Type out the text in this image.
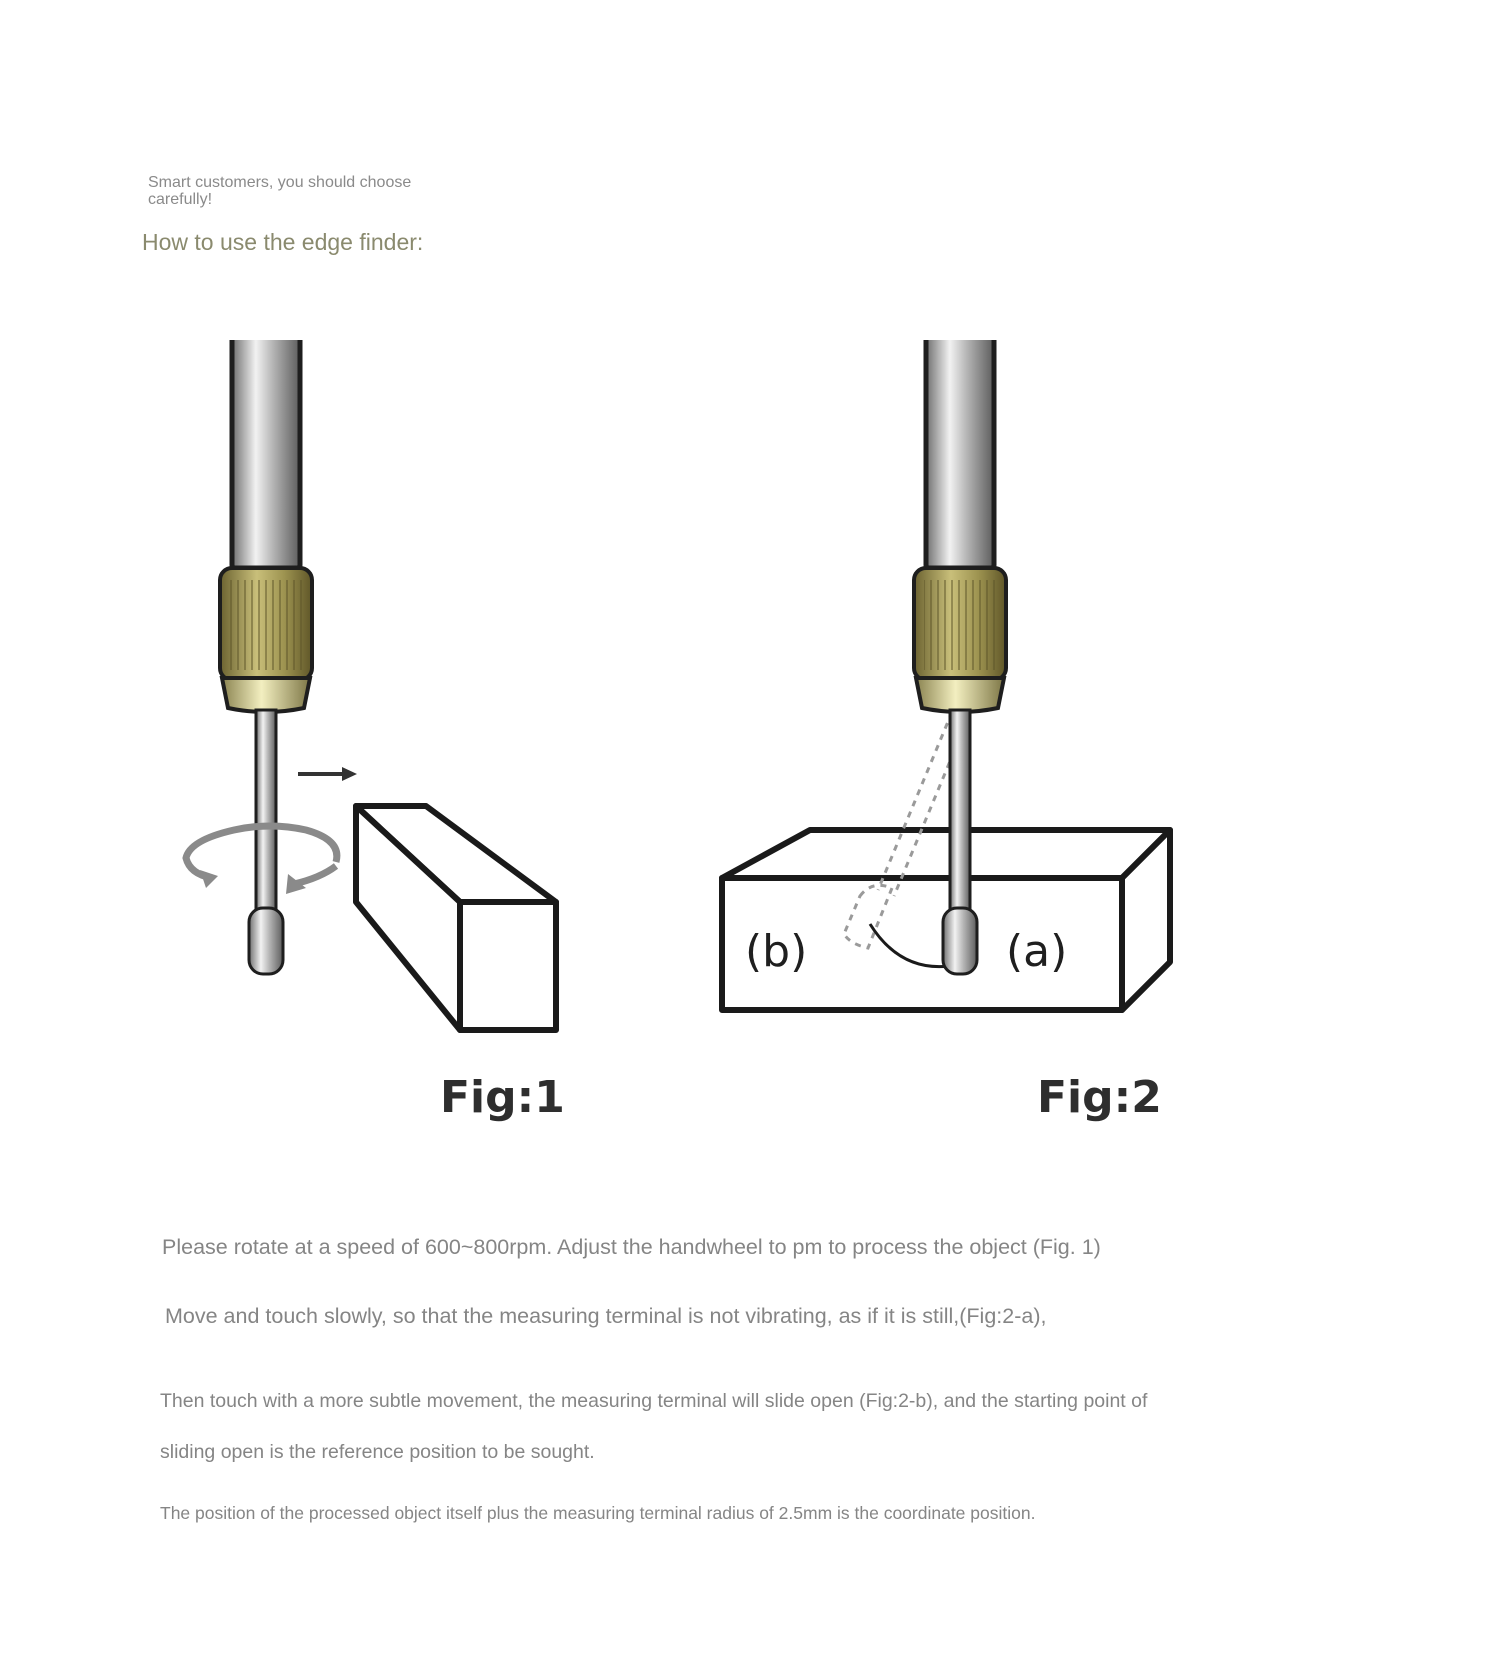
Smart customers, you should choose carefully!
How to use the edge finder:
Fig:1
(b)	(a)
Fig:2
Please rotate at a speed of 600~800rpm. Adjust the handwheel to pm to process the object (Fig. 1)
Move and touch slowly, so that the measuring terminal is not vibrating, as if it is still,(Fig:2-a),
Then touch with a more subtle movement, the measuring terminal will slide open (Fig:2-b), and the starting point of sliding open is the reference position to be sought.
The position of the processed object itself plus the measuring terminal radius of 2.5mm is the coordinate position.
